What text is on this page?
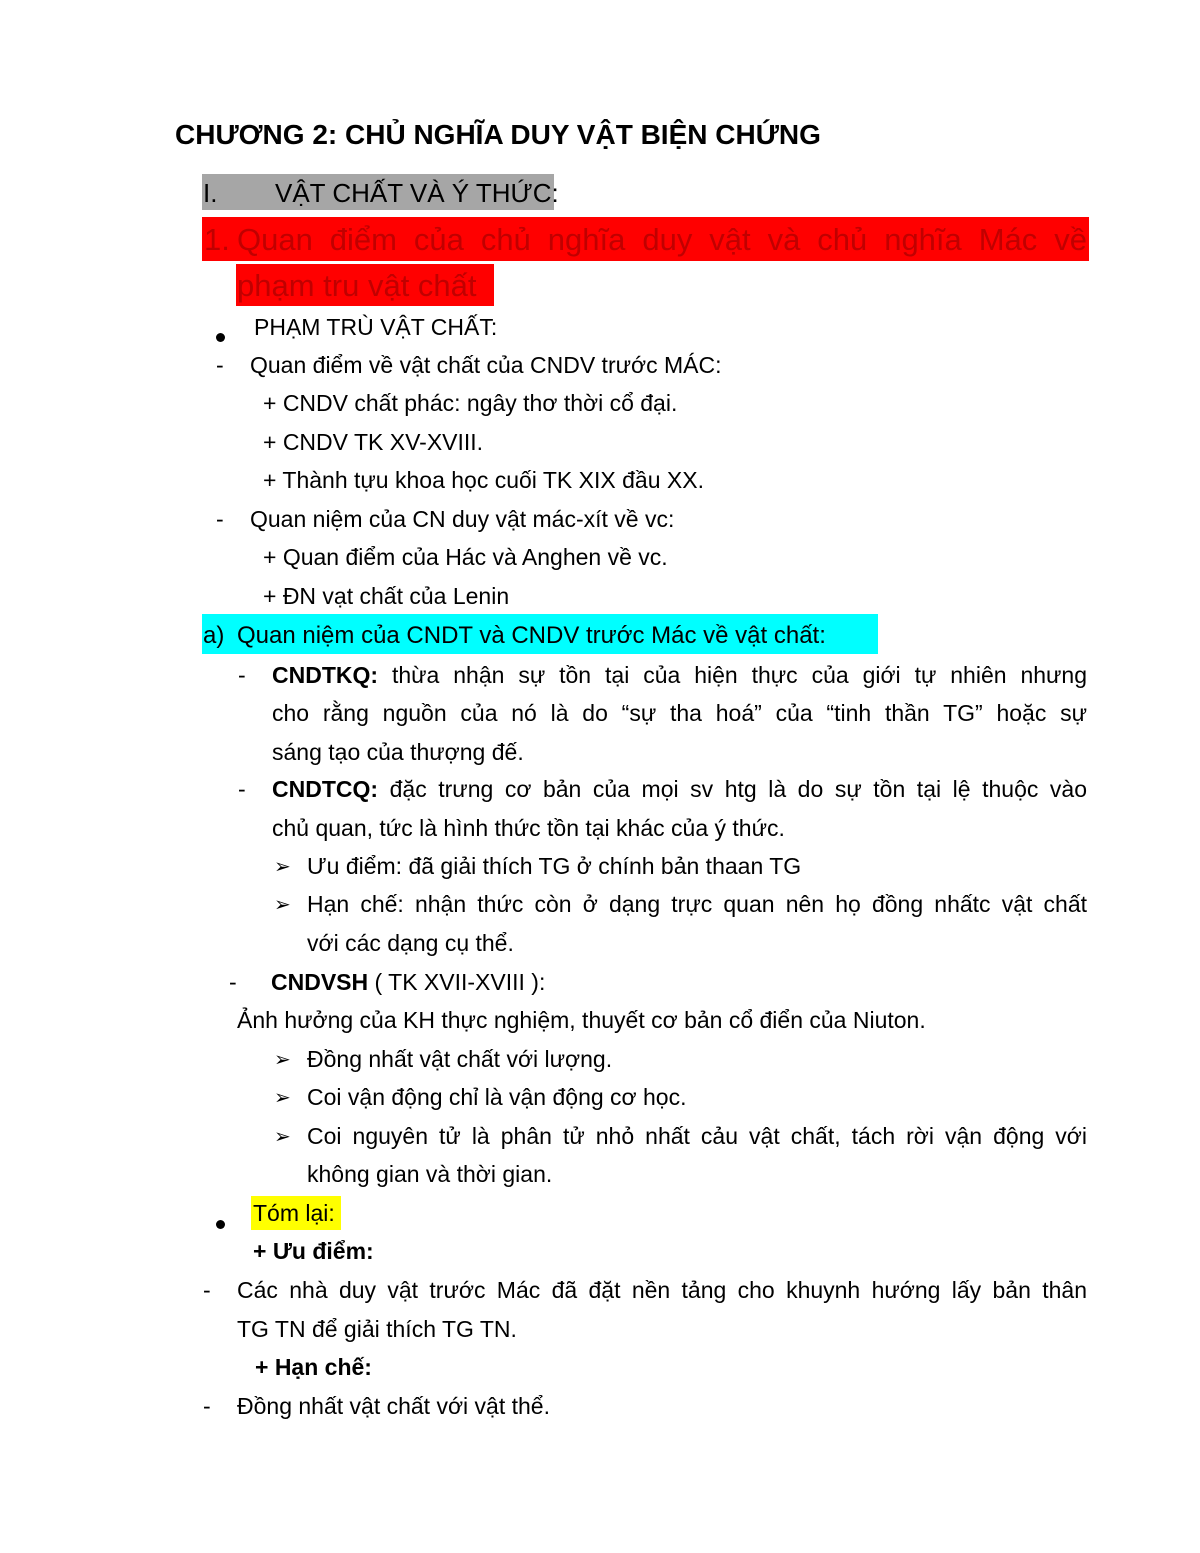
CHƯƠNG 2: CHỦ NGHĨA DUY VẬT BIỆN CHỨNG
I. VẬT CHẤT VÀ Ý THỨC:
1. Quan điểm của chủ nghĩa duy vật và chủ nghĩa Mác về
phạm tru vật chất
PHẠM TRÙ VẬT CHẤT:
- Quan điểm về vật chất của CNDV trước MÁC:
+ CNDV chất phác: ngây thơ thời cổ đại.
+ CNDV TK XV-XVIII.
+ Thành tựu khoa học cuối TK XIX đầu XX.
- Quan niệm của CN duy vật mác-xít về vc:
+ Quan điểm của Hác và Anghen về vc.
+ ĐN vạt chất của Lenin
a) Quan niệm của CNDT và CNDV trước Mác về vật chất:
- CNDTKQ: thừa nhận sự tồn tại của hiện thực của giới tự nhiên nhưng
cho rằng nguồn của nó là do “sự tha hoá” của “tinh thần TG” hoặc sự
sáng tạo của thượng đế.
- CNDTCQ: đặc trưng cơ bản của mọi sv htg là do sự tồn tại lệ thuộc vào
chủ quan, tức là hình thức tồn tại khác của ý thức.
➢ Ưu điểm: đã giải thích TG ở chính bản thaan TG
➢ Hạn chế: nhận thức còn ở dạng trực quan nên họ đồng nhấtc vật chất
với các dạng cụ thể.
- CNDVSH ( TK XVII-XVIII ):
Ảnh hưởng của KH thực nghiệm, thuyết cơ bản cổ điển của Niuton.
➢ Đồng nhất vật chất với lượng.
➢ Coi vận động chỉ là vận động cơ học.
➢ Coi nguyên tử là phân tử nhỏ nhất cảu vật chất, tách rời vận động với
không gian và thời gian.
Tóm lại:
+ Ưu điểm:
- Các nhà duy vật trước Mác đã đặt nền tảng cho khuynh hướng lấy bản thân
TG TN để giải thích TG TN.
+ Hạn chế:
- Đồng nhất vật chất với vật thể.
